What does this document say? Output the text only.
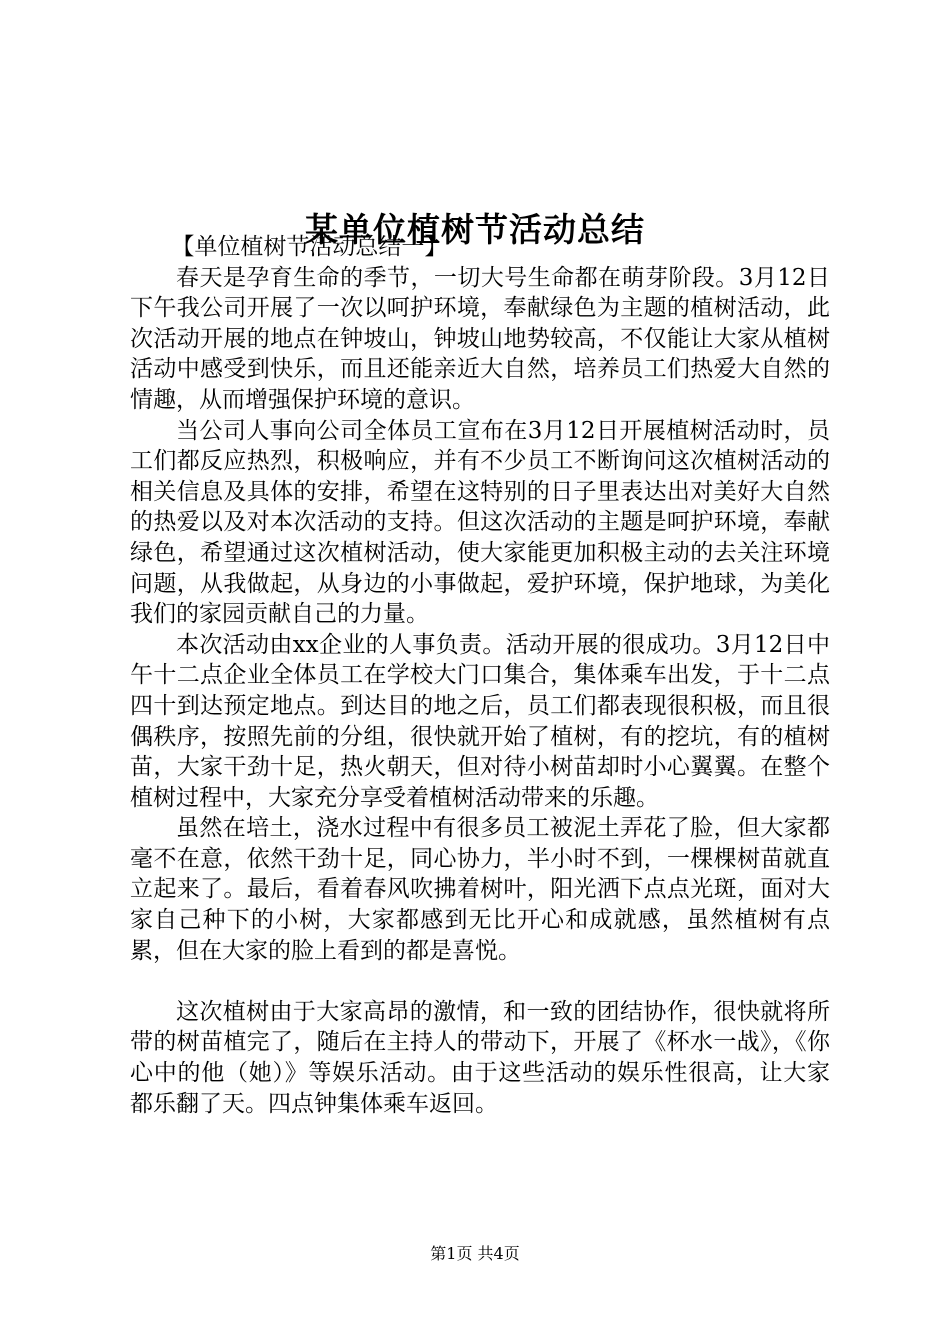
某单位植树节活动总结

【单位植树节活动总结一】

春天是孕育生命的季节，一切大号生命都在萌芽阶段。3月12日下午我公司开展了一次以呵护环境，奉献绿色为主题的植树活动，此次活动开展的地点在钟坡山，钟坡山地势较高，不仅能让大家从植树活动中感受到快乐，而且还能亲近大自然，培养员工们热爱大自然的情趣，从而增强保护环境的意识。

当公司人事向公司全体员工宣布在3月12日开展植树活动时，员工们都反应热烈，积极响应，并有不少员工不断询问这次植树活动的相关信息及具体的安排，希望在这特别的日子里表达出对美好大自然的热爱以及对本次活动的支持。但这次活动的主题是呵护环境，奉献绿色，希望通过这次植树活动，使大家能更加积极主动的去关注环境问题，从我做起，从身边的小事做起，爱护环境，保护地球，为美化我们的家园贡献自己的力量。

本次活动由xx企业的人事负责。活动开展的很成功。3月12日中午十二点企业全体员工在学校大门口集合，集体乘车出发，于十二点四十到达预定地点。到达目的地之后，员工们都表现很积极，而且很偶秩序，按照先前的分组，很快就开始了植树，有的挖坑，有的植树苗，大家干劲十足，热火朝天，但对待小树苗却时小心翼翼。在整个植树过程中，大家充分享受着植树活动带来的乐趣。

虽然在培土，浇水过程中有很多员工被泥土弄花了脸，但大家都毫不在意，依然干劲十足，同心协力，半小时不到，一棵棵树苗就直立起来了。最后，看着春风吹拂着树叶，阳光洒下点点光斑，面对大家自己种下的小树，大家都感到无比开心和成就感，虽然植树有点累，但在大家的脸上看到的都是喜悦。

这次植树由于大家高昂的激情，和一致的团结协作，很快就将所带的树苗植完了，随后在主持人的带动下，开展了《杯水一战》，《你心中的他（她）》等娱乐活动。由于这些活动的娱乐性很高，让大家都乐翻了天。四点钟集体乘车返回。

第1页 共4页
